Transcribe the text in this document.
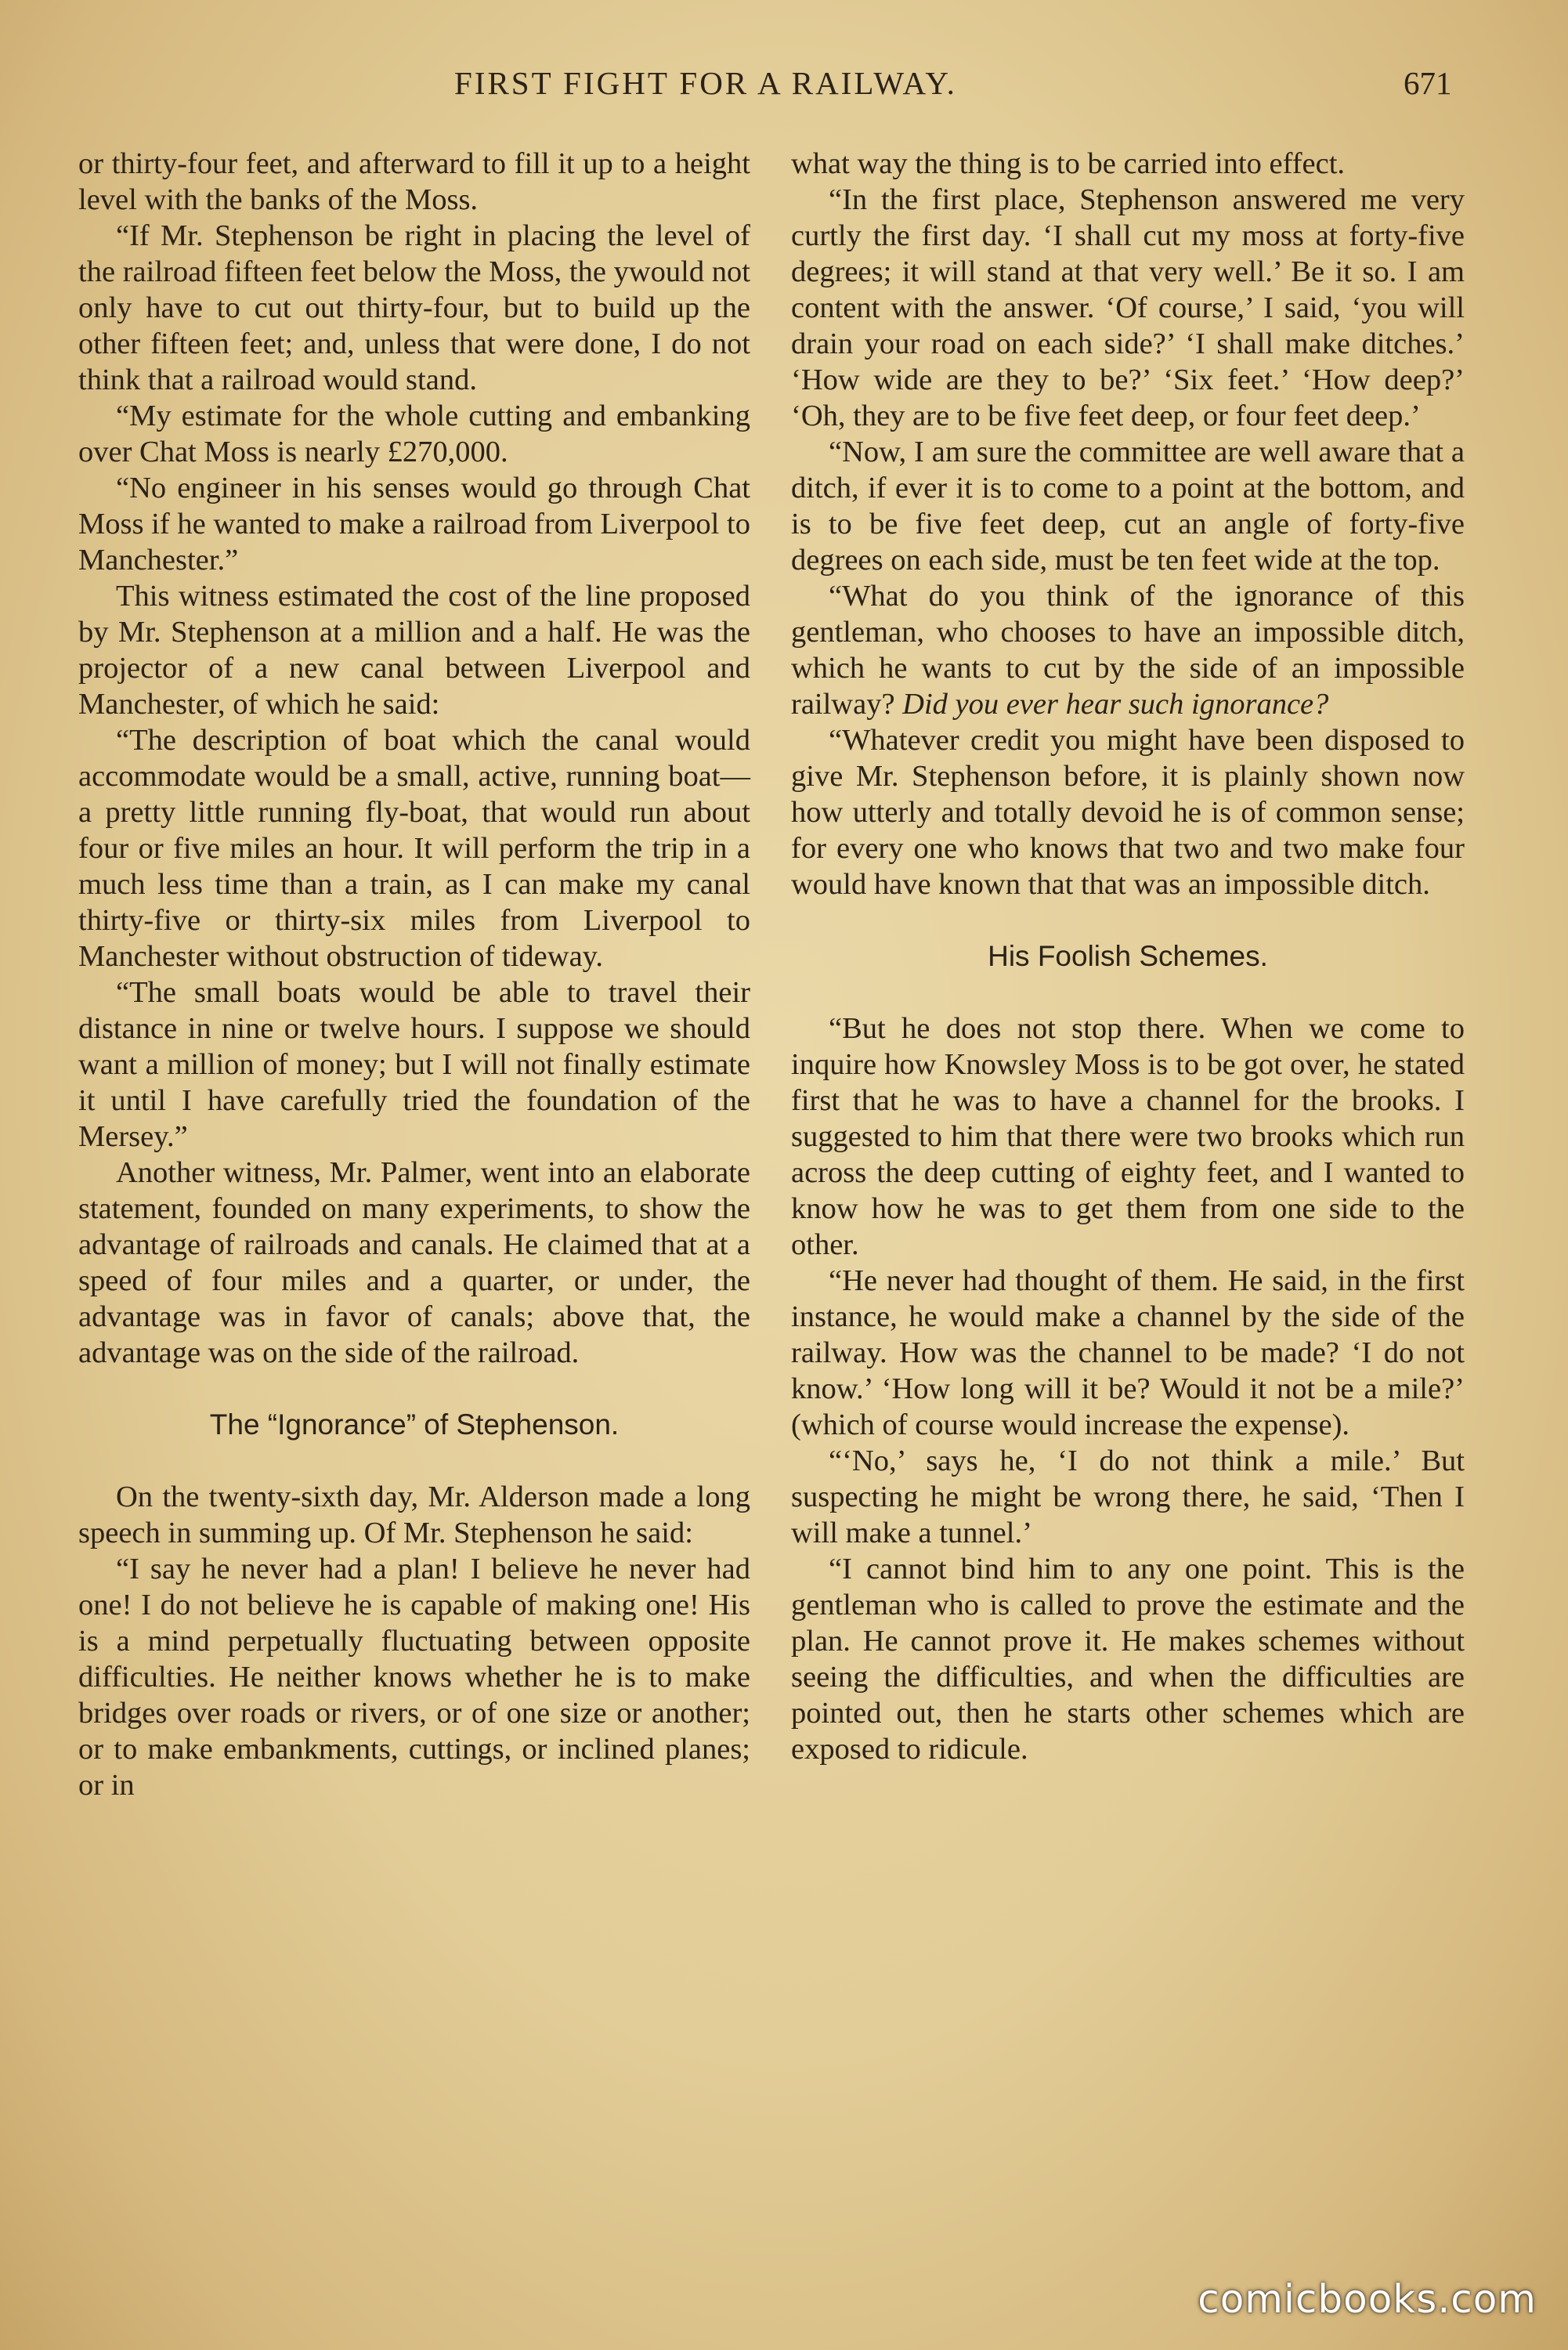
FIRST FIGHT FOR A RAILWAY.	671

or thirty-four feet, and afterward to fill it up to a height level with the banks of the Moss.

“If Mr. Stephenson be right in placing the level of the railroad fifteen feet below the Moss, the ywould not only have to cut out thirty-four, but to build up the other fifteen feet; and, unless that were done, I do not think that a railroad would stand.

“My estimate for the whole cutting and embanking over Chat Moss is nearly £270,000.

“No engineer in his senses would go through Chat Moss if he wanted to make a railroad from Liverpool to Manchester.”

This witness estimated the cost of the line proposed by Mr. Stephenson at a million and a half. He was the projector of a new canal between Liverpool and Manchester, of which he said:

“The description of boat which the canal would accommodate would be a small, active, running boat—a pretty little running fly-boat, that would run about four or five miles an hour. It will perform the trip in a much less time than a train, as I can make my canal thirty-five or thirty-six miles from Liverpool to Manchester without obstruction of tideway.

“The small boats would be able to travel their distance in nine or twelve hours. I suppose we should want a million of money; but I will not finally estimate it until I have carefully tried the foundation of the Mersey.”

Another witness, Mr. Palmer, went into an elaborate statement, founded on many experiments, to show the advantage of railroads and canals. He claimed that at a speed of four miles and a quarter, or under, the advantage was in favor of canals; above that, the advantage was on the side of the railroad.

The “Ignorance” of Stephenson.

On the twenty-sixth day, Mr. Alderson made a long speech in summing up. Of Mr. Stephenson he said:

“I say he never had a plan! I believe he never had one! I do not believe he is capable of making one! His is a mind perpetually fluctuating between opposite difficulties. He neither knows whether he is to make bridges over roads or rivers, or of one size or another; or to make embankments, cuttings, or inclined planes; or in

what way the thing is to be carried into effect.

“In the first place, Stephenson answered me very curtly the first day. ‘I shall cut my moss at forty-five degrees; it will stand at that very well.’ Be it so. I am content with the answer. ‘Of course,’ I said, ‘you will drain your road on each side?’ ‘I shall make ditches.’ ‘How wide are they to be?’ ‘Six feet.’ ‘How deep?’ ‘Oh, they are to be five feet deep, or four feet deep.’

“Now, I am sure the committee are well aware that a ditch, if ever it is to come to a point at the bottom, and is to be five feet deep, cut an angle of forty-five degrees on each side, must be ten feet wide at the top.

“What do you think of the ignorance of this gentleman, who chooses to have an impossible ditch, which he wants to cut by the side of an impossible railway? Did you ever hear such ignorance?

“Whatever credit you might have been disposed to give Mr. Stephenson before, it is plainly shown now how utterly and totally devoid he is of common sense; for every one who knows that two and two make four would have known that that was an impossible ditch.

His Foolish Schemes.

“But he does not stop there. When we come to inquire how Knowsley Moss is to be got over, he stated first that he was to have a channel for the brooks. I suggested to him that there were two brooks which run across the deep cutting of eighty feet, and I wanted to know how he was to get them from one side to the other.

“He never had thought of them. He said, in the first instance, he would make a channel by the side of the railway. How was the channel to be made? ‘I do not know.’ ‘How long will it be? Would it not be a mile?’ (which of course would increase the expense).

“‘No,’ says he, ‘I do not think a mile.’ But suspecting he might be wrong there, he said, ‘Then I will make a tunnel.’

“I cannot bind him to any one point. This is the gentleman who is called to prove the estimate and the plan. He cannot prove it. He makes schemes without seeing the difficulties, and when the difficulties are pointed out, then he starts other schemes which are exposed to ridicule.

comicbooks.com
